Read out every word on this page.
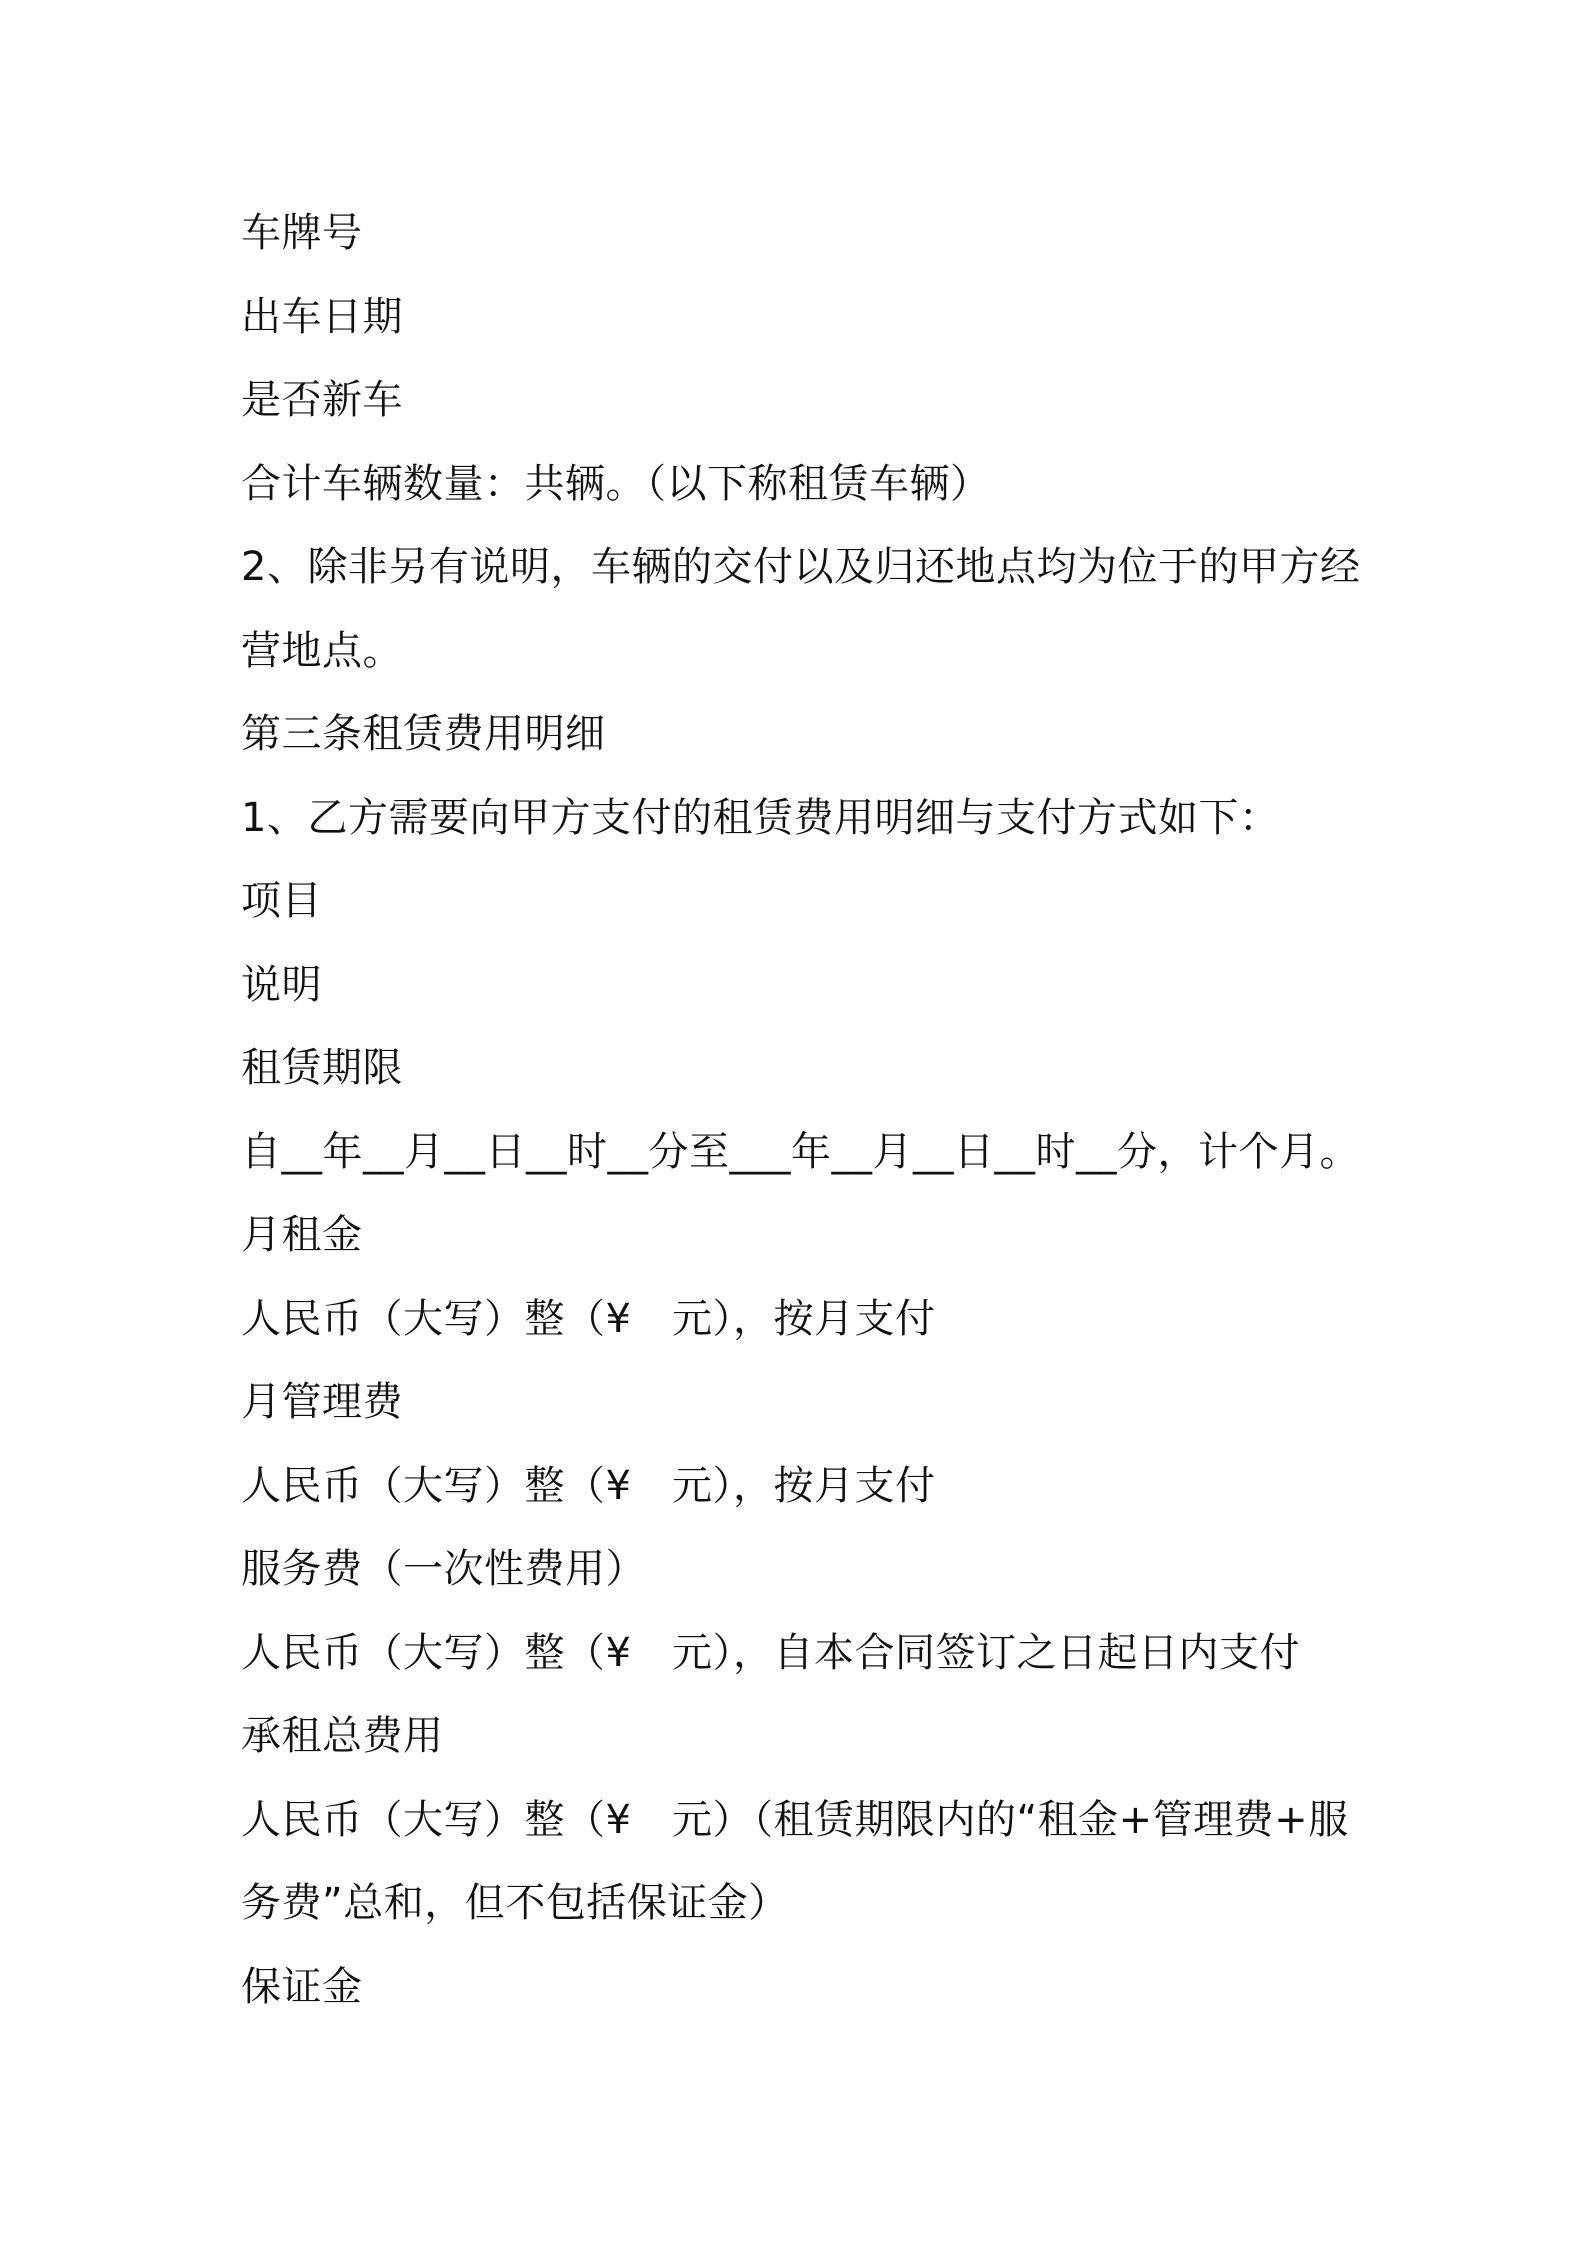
车牌号
出车日期
是否新车
合计车辆数量：共辆。（以下称租赁车辆）
2、除非另有说明，车辆的交付以及归还地点均为位于的甲方经
营地点。
第三条租赁费用明细
1、乙方需要向甲方支付的租赁费用明细与支付方式如下：
项目
说明
租赁期限
自__年__月__日__时__分至___年__月__日__时__分，计个月。
月租金
人民币（大写）整（¥　元），按月支付
月管理费
人民币（大写）整（¥　元），按月支付
服务费（一次性费用）
人民币（大写）整（¥　元），自本合同签订之日起日内支付
承租总费用
人民币（大写）整（¥　元）（租赁期限内的“租金+管理费+服
务费”总和，但不包括保证金）
保证金
